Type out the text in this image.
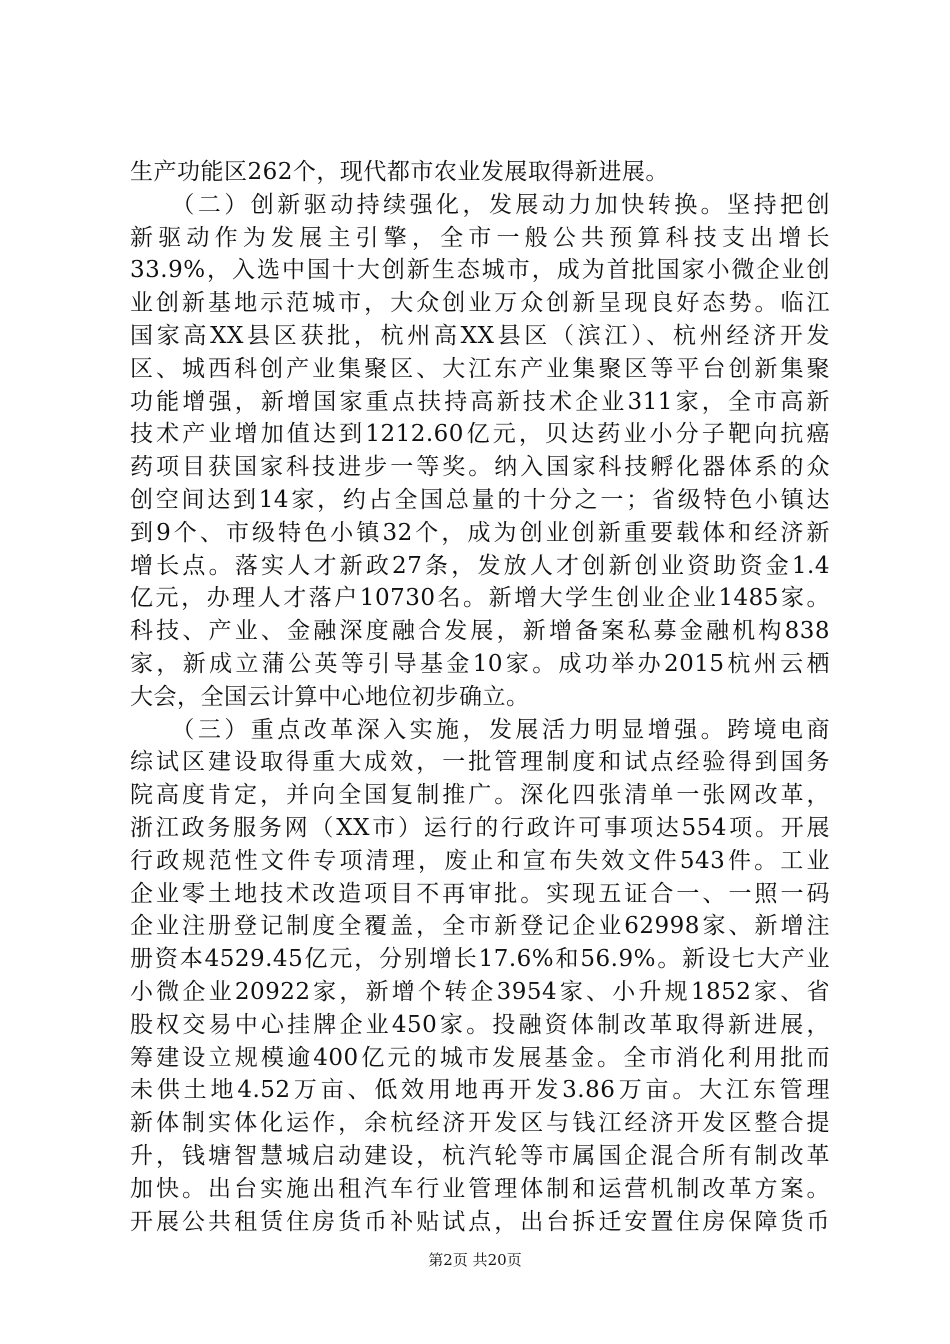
生产功能区262个，现代都市农业发展取得新进展。
　　（二）创新驱动持续强化，发展动力加快转换。坚持把创
新驱动作为发展主引擎，全市一般公共预算科技支出增长
33.9%，入选中国十大创新生态城市，成为首批国家小微企业创
业创新基地示范城市，大众创业万众创新呈现良好态势。临江
国家高XX县区获批，杭州高XX县区（滨江）、杭州经济开发
区、城西科创产业集聚区、大江东产业集聚区等平台创新集聚
功能增强，新增国家重点扶持高新技术企业311家，全市高新
技术产业增加值达到1212.60亿元，贝达药业小分子靶向抗癌
药项目获国家科技进步一等奖。纳入国家科技孵化器体系的众
创空间达到14家，约占全国总量的十分之一；省级特色小镇达
到9个、市级特色小镇32个，成为创业创新重要载体和经济新
增长点。落实人才新政27条，发放人才创新创业资助资金1.4
亿元，办理人才落户10730名。新增大学生创业企业1485家。
科技、产业、金融深度融合发展，新增备案私募金融机构838
家，新成立蒲公英等引导基金10家。成功举办2015杭州云栖
大会，全国云计算中心地位初步确立。
　　（三）重点改革深入实施，发展活力明显增强。跨境电商
综试区建设取得重大成效，一批管理制度和试点经验得到国务
院高度肯定，并向全国复制推广。深化四张清单一张网改革，
浙江政务服务网（XX市）运行的行政许可事项达554项。开展
行政规范性文件专项清理，废止和宣布失效文件543件。工业
企业零土地技术改造项目不再审批。实现五证合一、一照一码
企业注册登记制度全覆盖，全市新登记企业62998家、新增注
册资本4529.45亿元，分别增长17.6%和56.9%。新设七大产业
小微企业20922家，新增个转企3954家、小升规1852家、省
股权交易中心挂牌企业450家。投融资体制改革取得新进展，
筹建设立规模逾400亿元的城市发展基金。全市消化利用批而
未供土地4.52万亩、低效用地再开发3.86万亩。大江东管理
新体制实体化运作，余杭经济开发区与钱江经济开发区整合提
升，钱塘智慧城启动建设，杭汽轮等市属国企混合所有制改革
加快。出台实施出租汽车行业管理体制和运营机制改革方案。
开展公共租赁住房货币补贴试点，出台拆迁安置住房保障货币
第2页 共20页
